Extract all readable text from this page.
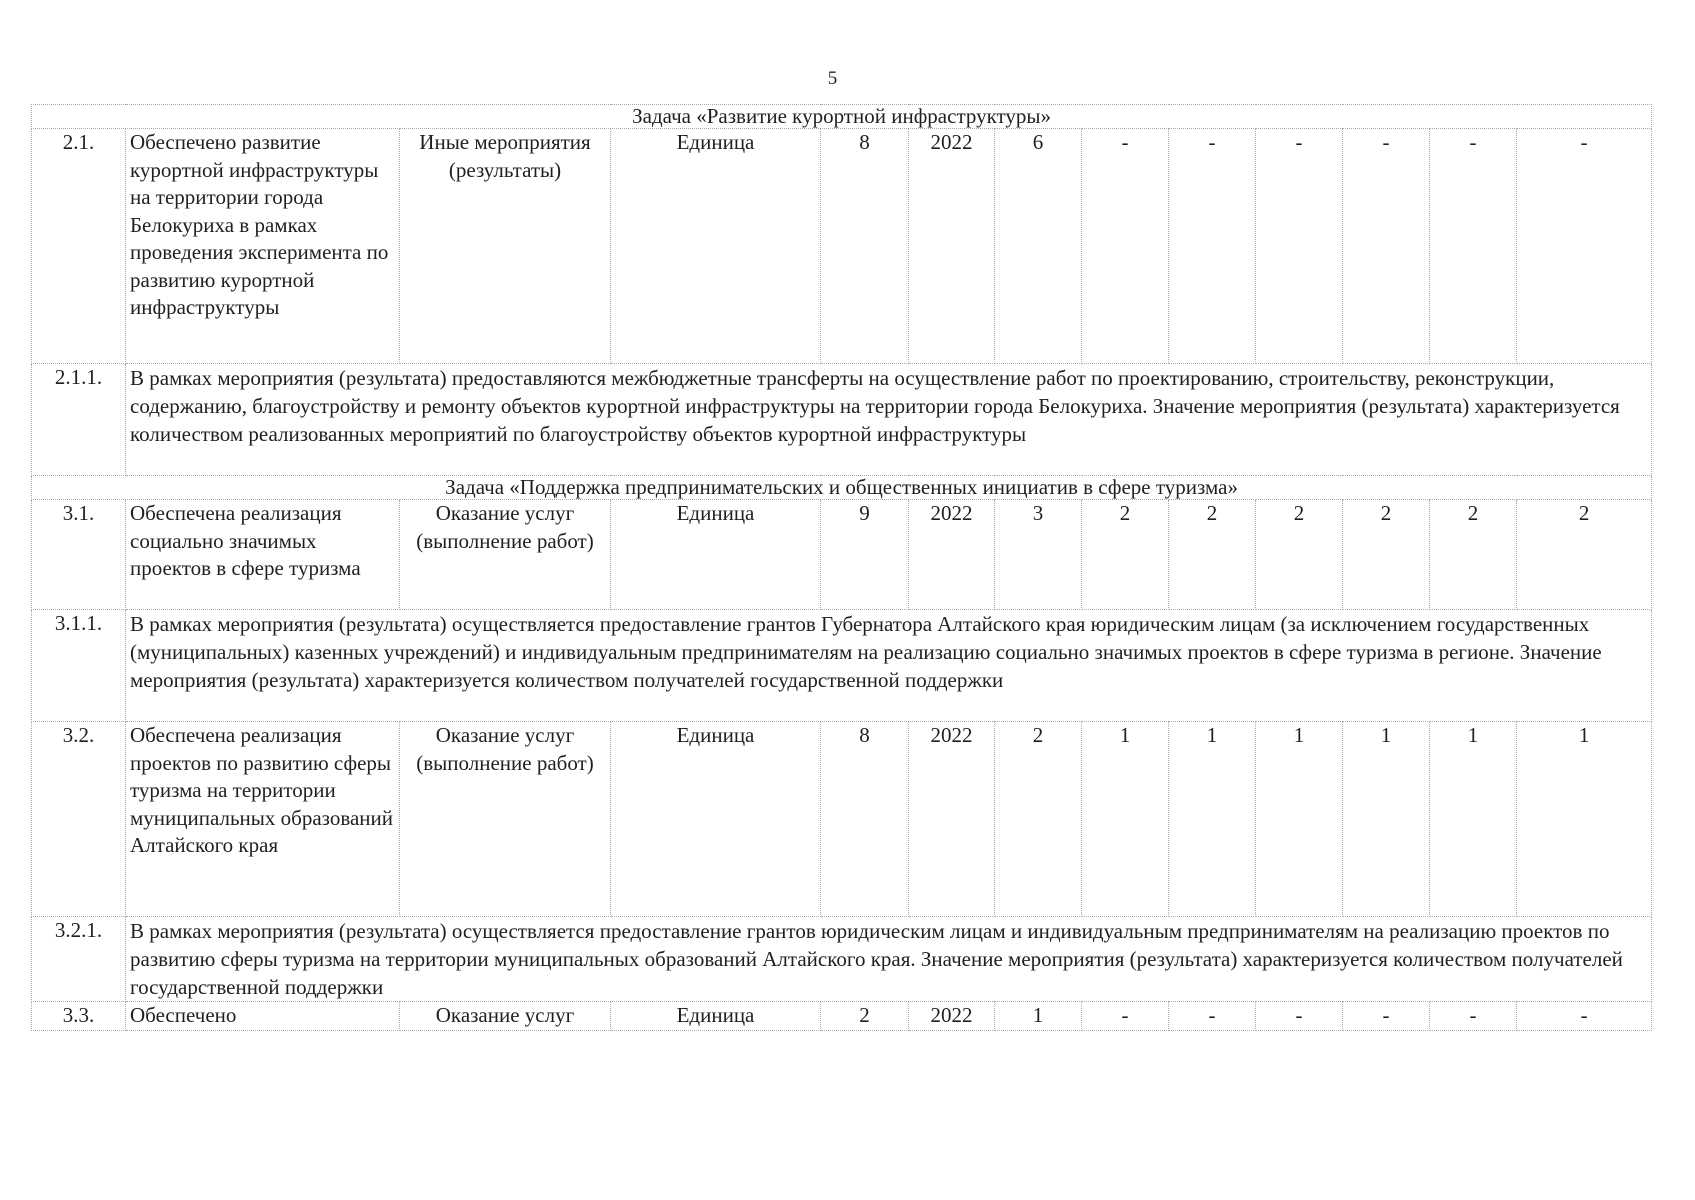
5
Задача «Развитие курортной инфраструктуры»												
2.1.	Обеспечено развитие курортной инфраструктуры на территории города Белокуриха в рамках проведения эксперимента по развитию курортной инфраструктуры	Иные мероприятия (результаты)	Единица	8	2022	6	-	-	-	-	-	-
2.1.1.	В рамках мероприятия (результата) предоставляются межбюджетные трансферты на осуществление работ по проектированию, строительству, реконструкции, содержанию, благоустройству и ремонту объектов курортной инфраструктуры на территории города Белокуриха. Значение мероприятия (результата) характеризуется количеством реализованных мероприятий по благоустройству объектов курортной инфраструктуры											
Задача «Поддержка предпринимательских и общественных инициатив в сфере туризма»												
3.1.	Обеспечена реализация социально значимых проектов в сфере туризма	Оказание услуг (выполнение работ)	Единица	9	2022	3	2	2	2	2	2	2
3.1.1.	В рамках мероприятия (результата) осуществляется предоставление грантов Губернатора Алтайского края юридическим лицам (за исключением государственных (муниципальных) казенных учреждений) и индивидуальным предпринимателям на реализацию социально значимых проектов в сфере туризма в регионе. Значение мероприятия (результата) характеризуется количеством получателей государственной поддержки											
3.2.	Обеспечена реализация проектов по развитию сферы туризма на территории муниципальных образований Алтайского края	Оказание услуг (выполнение работ)	Единица	8	2022	2	1	1	1	1	1	1
3.2.1.	В рамках мероприятия (результата) осуществляется предоставление грантов юридическим лицам и индивидуальным предпринимателям на реализацию проектов по развитию сферы туризма на территории муниципальных образований Алтайского края. Значение мероприятия (результата) характеризуется количеством получателей государственной поддержки											
3.3.	Обеспечено	Оказание услуг	Единица	2	2022	1	-	-	-	-	-	-
